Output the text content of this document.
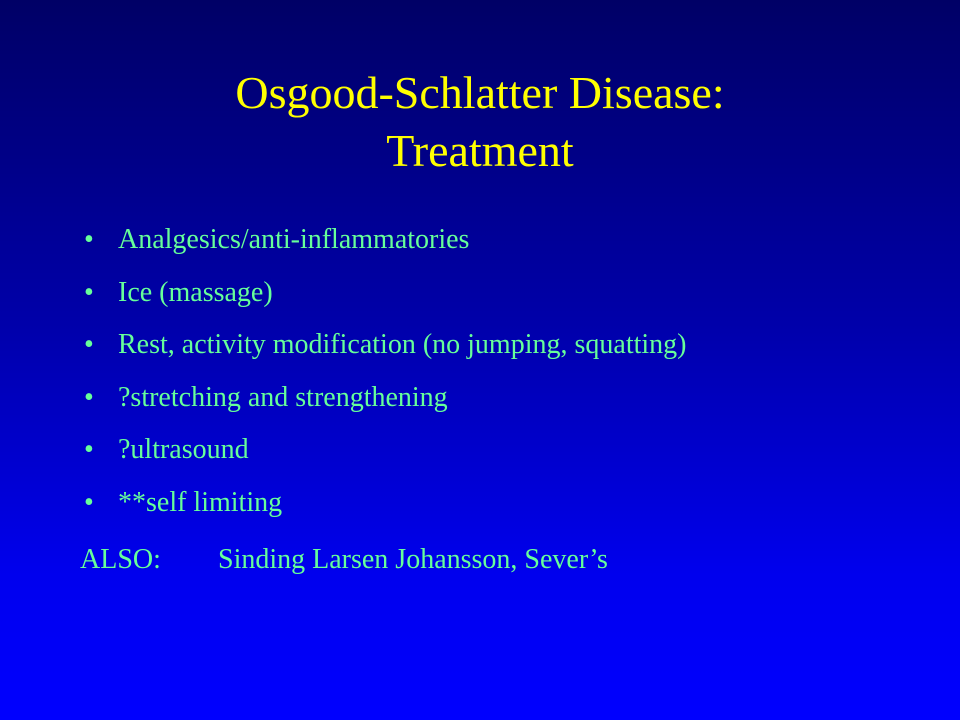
Osgood-Schlatter Disease:
Treatment
• Analgesics/anti-inflammatories
• Ice (massage)
• Rest, activity modification (no jumping, squatting)
• ?stretching and strengthening
• ?ultrasound
• **self limiting
ALSO: Sinding Larsen Johansson, Sever’s
